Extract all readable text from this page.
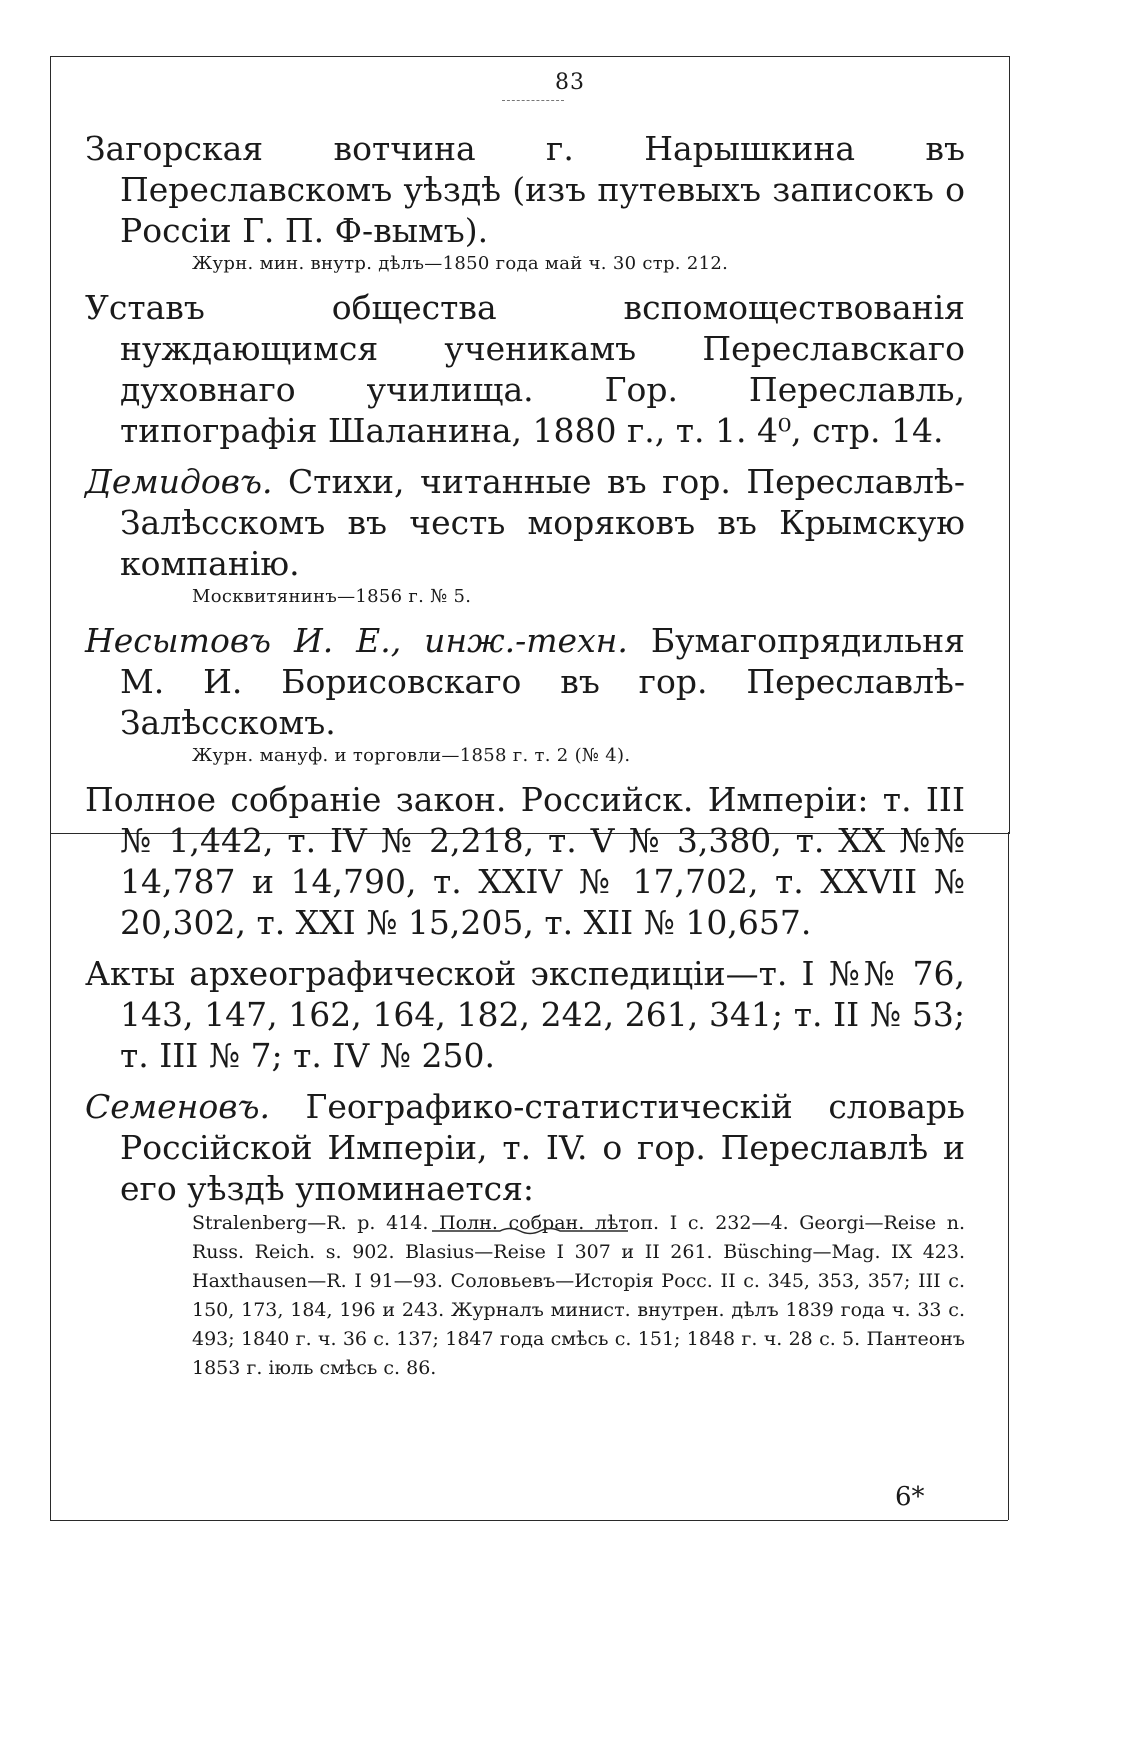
83
Загорская вотчина г. Нарышкина въ Переславскомъ уѣздѣ (изъ путевыхъ записокъ о Россіи Г. П. Ф-вымъ).
Журн. мин. внутр. дѣлъ—1850 года май ч. 30 стр. 212.
Уставъ общества вспомоществованія нуждающимся ученикамъ Переславскаго духовнаго училища. Гор. Переславль, типографія Шаланина, 1880 г., т. 1. 4⁰, стр. 14.
Демидовъ. Стихи, читанные въ гор. Переславлѣ-Залѣсскомъ въ честь моряковъ въ Крымскую компанію.
Москвитянинъ—1856 г. № 5.
Несытовъ И. Е., инж.-техн. Бумагопрядильня М. И. Борисовскаго въ гор. Переславлѣ-Залѣсскомъ.
Журн. мануф. и торговли—1858 г. т. 2 (№ 4).
Полное собраніе закон. Российск. Имперіи: т. III № 1,442, т. IV № 2,218, т. V № 3,380, т. XX №№ 14,787 и 14,790, т. XXIV № 17,702, т. XXVII № 20,302, т. XXI № 15,205, т. XII № 10,657.
Акты археографической экспедиціи—т. I №№ 76, 143, 147, 162, 164, 182, 242, 261, 341; т. II № 53; т. III № 7; т. IV № 250.
Семеновъ. Географико-статистическій словарь Россійской Имперіи, т. IV. о гор. Переславлѣ и его уѣздѣ упоминается:
Stralenberg—R. p. 414. Полн. собран. лѣтоп. I с. 232—4. Georgi—Reise n. Russ. Reich. s. 902. Blasius—Reise I 307 и II 261. Büsching—Mag. IX 423. Haxthausen—R. I 91—93. Соловьевъ—Исторія Росс. II с. 345, 353, 357; III с. 150, 173, 184, 196 и 243. Журналъ минист. внутрен. дѣлъ 1839 года ч. 33 с. 493; 1840 г. ч. 36 с. 137; 1847 года смѣсь с. 151; 1848 г. ч. 28 с. 5. Пантеонъ 1853 г. іюль смѣсь с. 86.
6*
